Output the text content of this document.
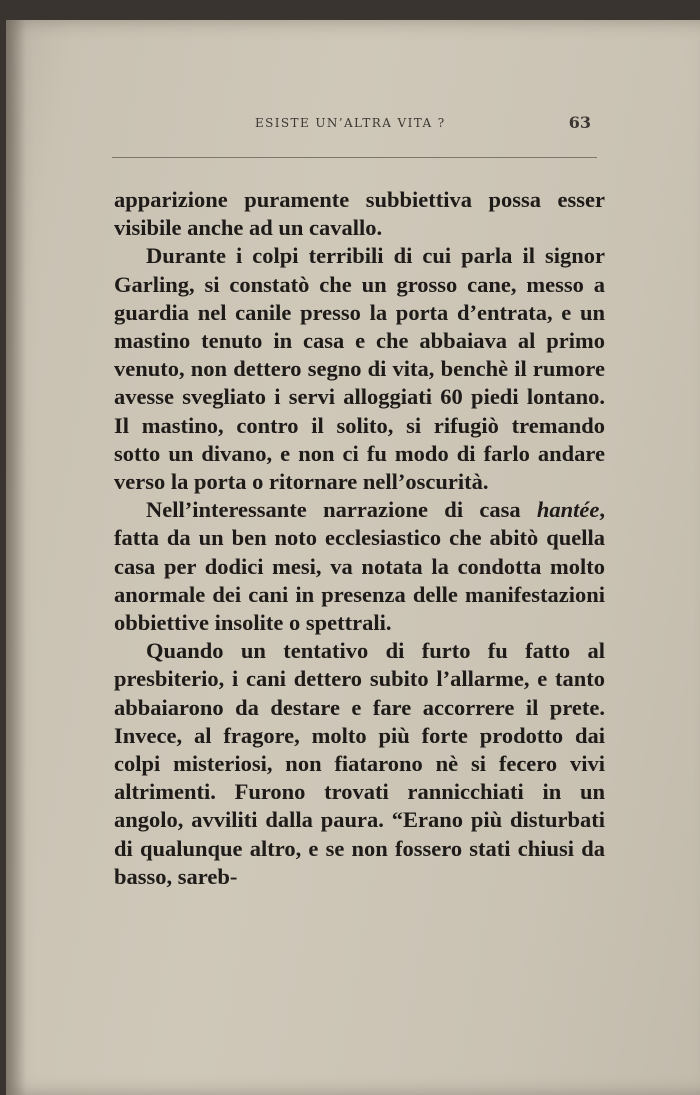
ESISTE UN’ALTRA VITA ?	63

apparizione puramente subbiettiva possa esser visibile anche ad un cavallo.

Durante i colpi terribili di cui parla il signor Garling, si constatò che un grosso cane, messo a guardia nel canile presso la porta d’entrata, e un mastino tenuto in casa e che abbaiava al primo venuto, non dettero segno di vita, benchè il rumore avesse svegliato i servi alloggiati 60 piedi lontano. Il mastino, contro il solito, si rifugiò tremando sotto un divano, e non ci fu modo di farlo andare verso la porta o ritornare nell’oscurità.

Nell’interessante narrazione di casa hantée, fatta da un ben noto ecclesiastico che abitò quella casa per dodici mesi, va notata la condotta molto anormale dei cani in presenza delle manifestazioni obbiettive insolite o spettrali.

Quando un tentativo di furto fu fatto al presbiterio, i cani dettero subito l’allarme, e tanto abbaiarono da destare e fare accorrere il prete. Invece, al fragore, molto più forte prodotto dai colpi misteriosi, non fiatarono nè si fecero vivi altrimenti. Furono trovati rannicchiati in un angolo, avviliti dalla paura. “Erano più disturbati di qualunque altro, e se non fossero stati chiusi da basso, sareb-
